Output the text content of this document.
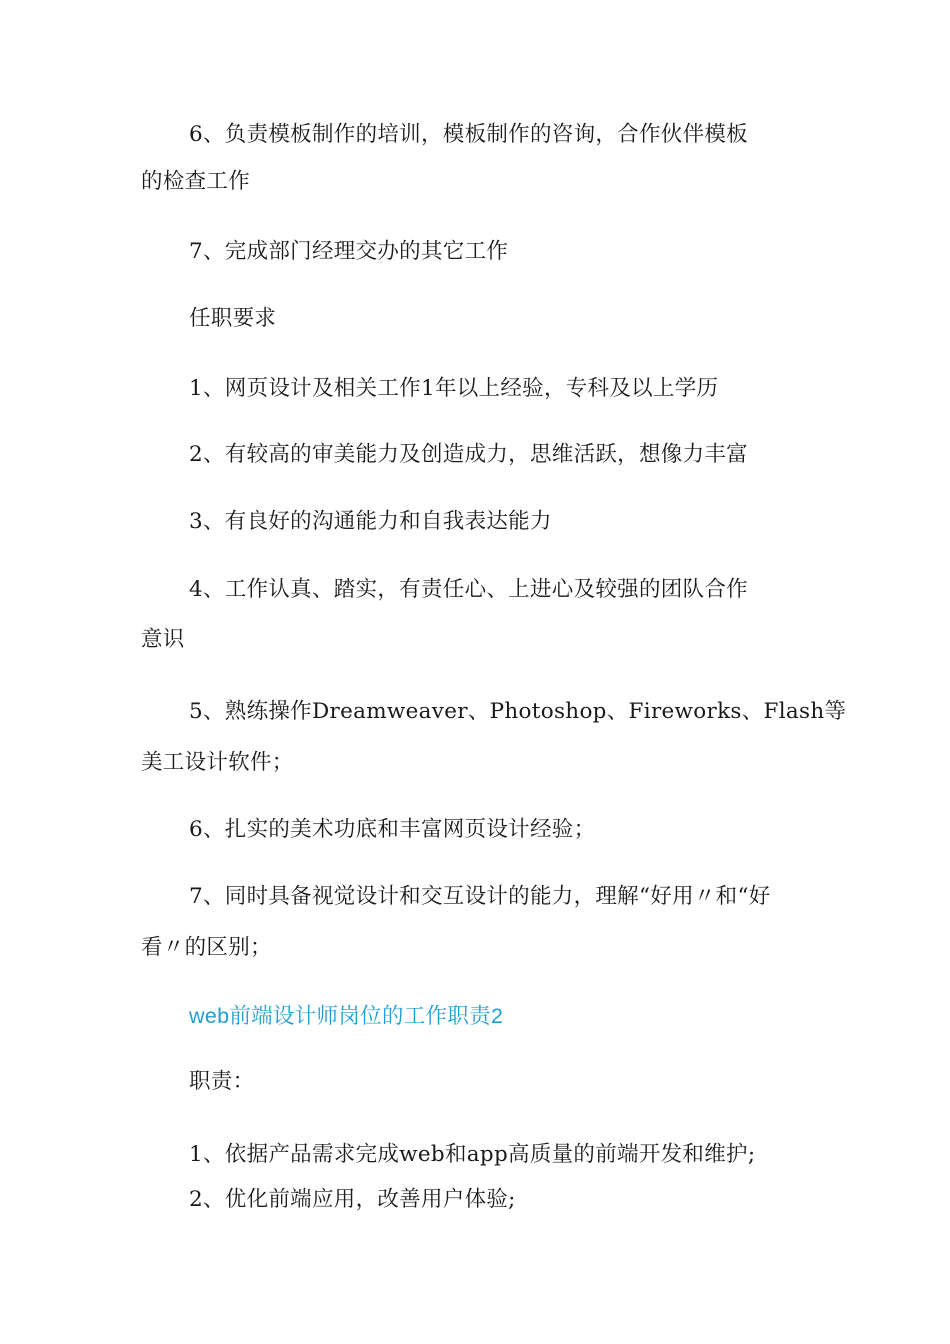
6、负责模板制作的培训，模板制作的咨询，合作伙伴模板
的检查工作
7、完成部门经理交办的其它工作
任职要求
1、网页设计及相关工作1年以上经验，专科及以上学历
2、有较高的审美能力及创造成力，思维活跃，想像力丰富
3、有良好的沟通能力和自我表达能力
4、工作认真、踏实，有责任心、上进心及较强的团队合作
意识
5、熟练操作Dreamweaver、Photoshop、Fireworks、Flash等
美工设计软件；
6、扎实的美术功底和丰富网页设计经验；
7、同时具备视觉设计和交互设计的能力，理解“好用〃和“好
看〃的区别；
web前端设计师岗位的工作职责2
职责：
1、依据产品需求完成web和app高质量的前端开发和维护;
2、优化前端应用，改善用户体验;
